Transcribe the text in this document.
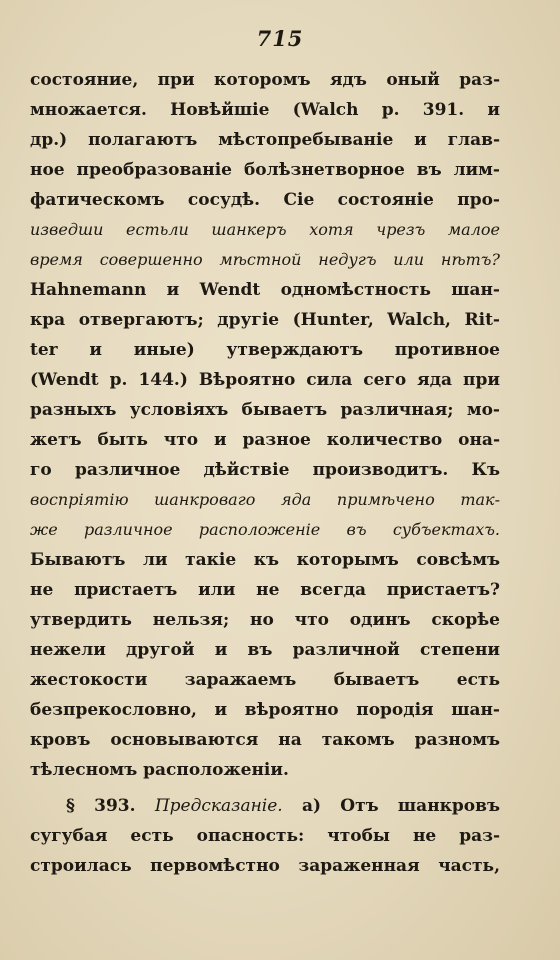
715
состояние, при которомъ ядъ оный раз-
множается. Новѣйшіе (Walch p. 391. и
др.) полагаютъ мѣстопребываніе и глав-
ное преобразованіе болѣзнетворное въ лим-
фатическомъ сосудѣ. Сіе состояніе про-
изведши естьли шанкеръ хотя чрезъ малое
время совершенно мѣстной недугъ или нѣтъ?
Hahnemann и Wendt одномѣстность шан-
кра отвергаютъ; другіе (Hunter, Walch, Rit-
ter и иные) утверждаютъ противное
(Wendt p. 144.) Вѣроятно сила сего яда при
разныхъ условіяхъ бываетъ различная; мо-
жетъ быть что и разное количество она-
го различное дѣйствіе производитъ. Къ
воспріятію шанкроваго яда примѣчено так-
же различное расположеніе въ субъектахъ.
Бываютъ ли такіе къ которымъ совсѣмъ
не пристаетъ или не всегда пристаетъ?
утвердить нельзя; но что одинъ скорѣе
нежели другой и въ различной степени
жестокости заражаемъ бываетъ есть
безпрекословно, и вѣроятно породія шан-
кровъ основываются на такомъ разномъ
тѣлесномъ расположеніи.
§ 393. Предсказаніе. а) Отъ шанкровъ
сугубая есть опасность: чтобы не раз-
строилась первомѣстно зараженная часть,
